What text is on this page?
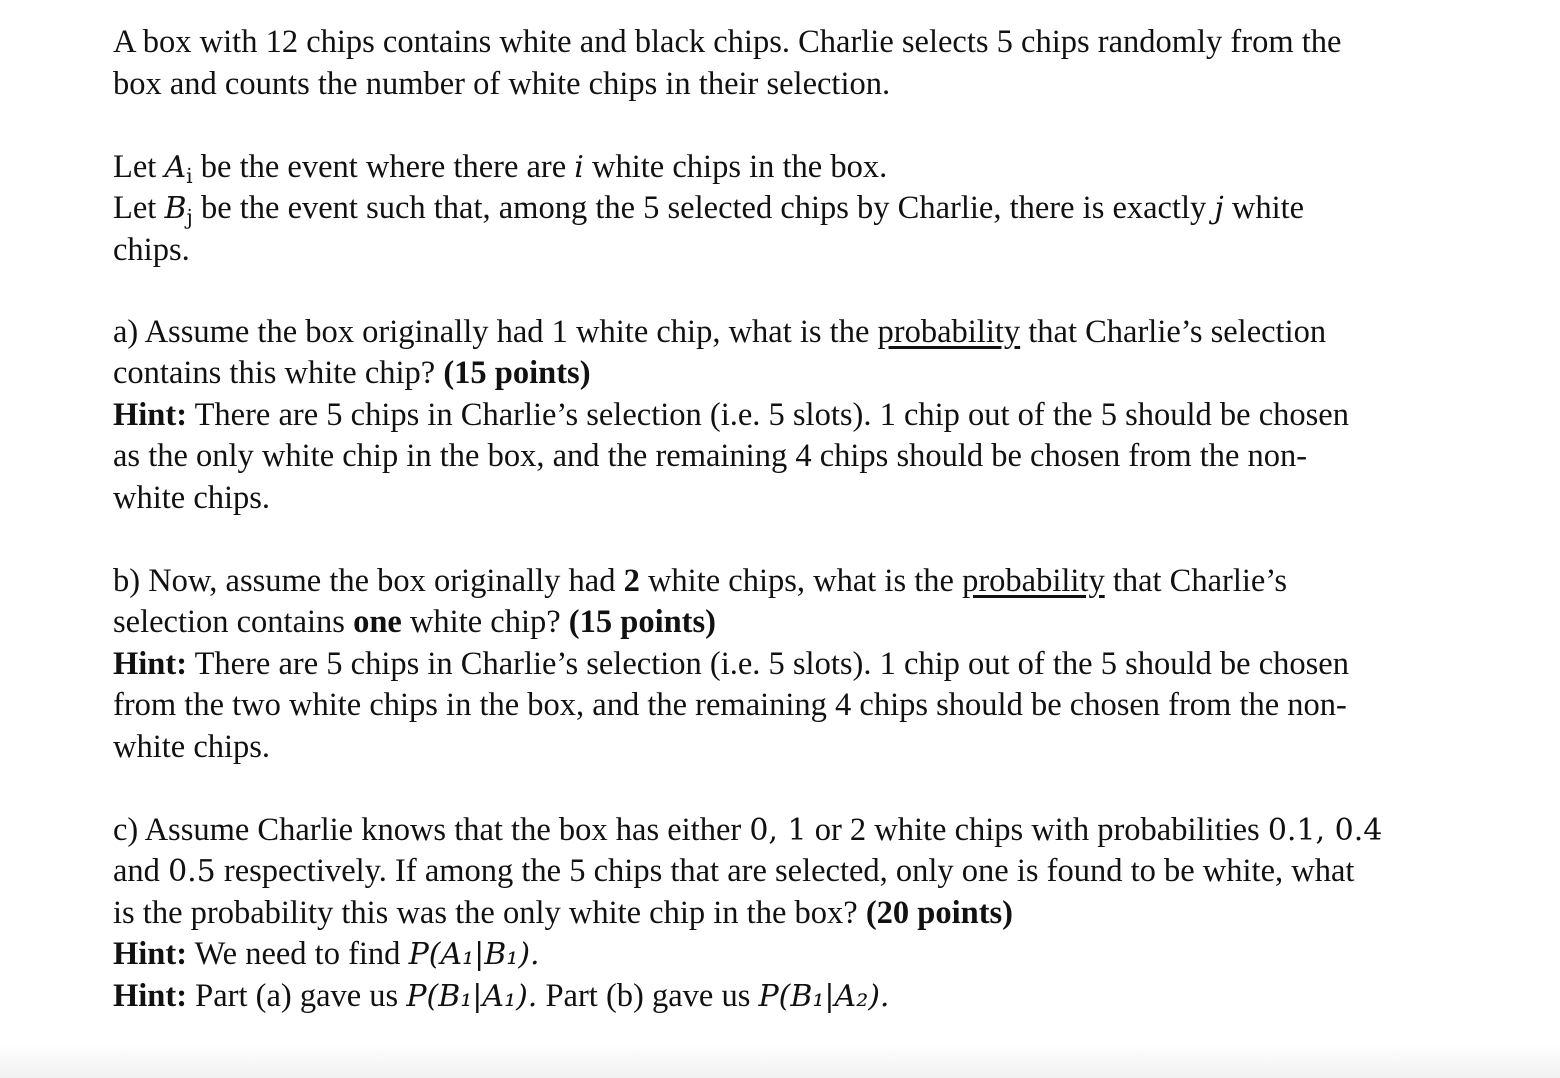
A box with 12 chips contains white and black chips. Charlie selects 5 chips randomly from the
box and counts the number of white chips in their selection.
Let $A_i$ be the event where there are i white chips in the box.
Let $B_j$ be the event such that, among the 5 selected chips by Charlie, there is exactly j white
chips.
a) Assume the box originally had 1 white chip, what is the probability that Charlie’s selection
contains this white chip? (15 points)
Hint: There are 5 chips in Charlie’s selection (i.e. 5 slots). 1 chip out of the 5 should be chosen
as the only white chip in the box, and the remaining 4 chips should be chosen from the non-
white chips.
b) Now, assume the box originally had 2 white chips, what is the probability that Charlie’s
selection contains one white chip? (15 points)
Hint: There are 5 chips in Charlie’s selection (i.e. 5 slots). 1 chip out of the 5 should be chosen
from the two white chips in the box, and the remaining 4 chips should be chosen from the non-
white chips.
c) Assume Charlie knows that the box has either 0, 1 or 2 white chips with probabilities 0.1, 0.4
and 0.5 respectively. If among the 5 chips that are selected, only one is found to be white, what
is the probability this was the only white chip in the box? (20 points)
Hint: We need to find P(A₁|B₁).
Hint: Part (a) gave us P(B₁|A₁). Part (b) gave us P(B₁|A₂).
